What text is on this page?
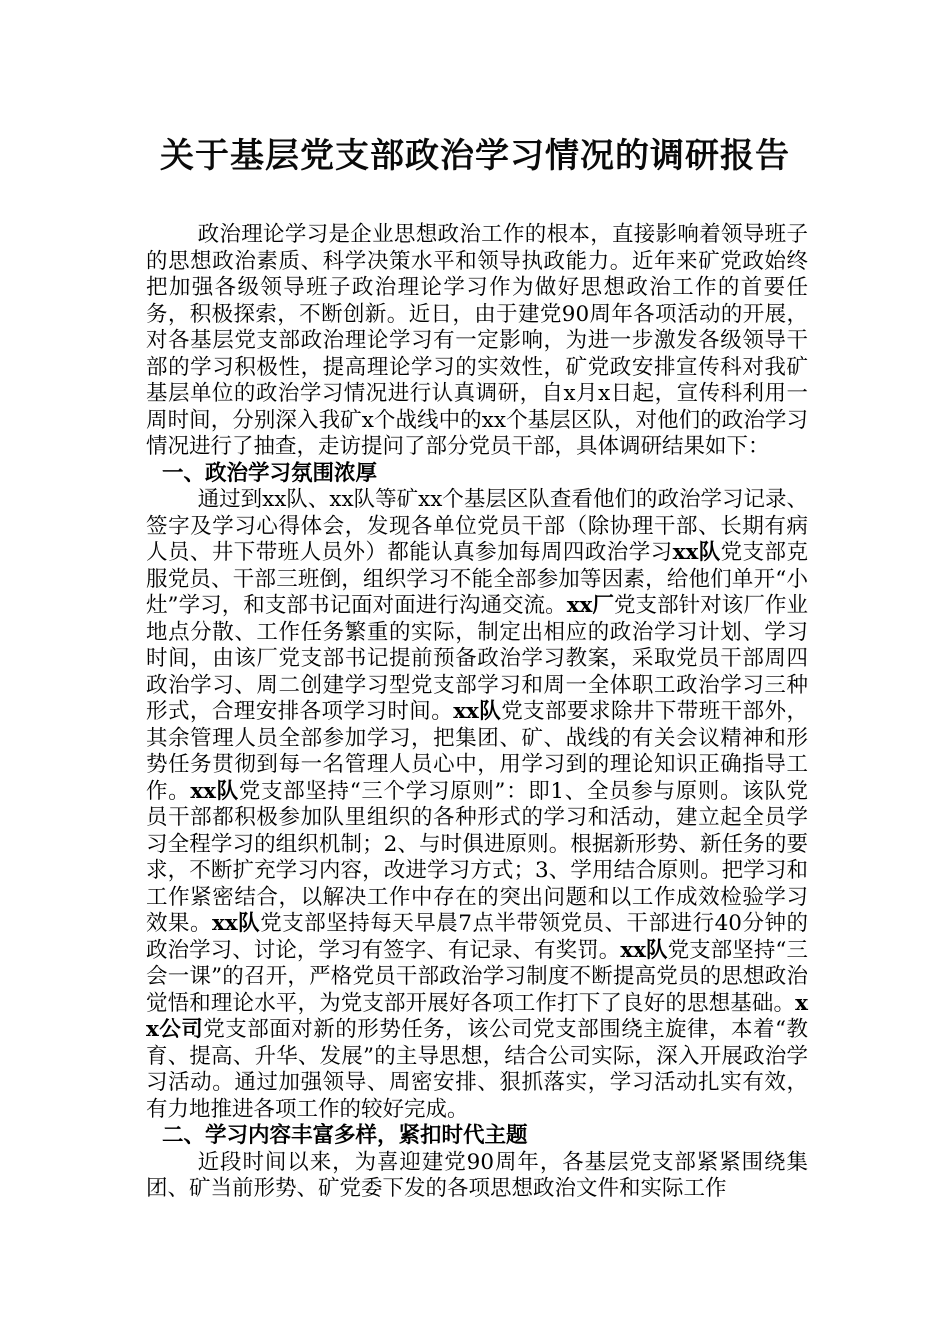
关于基层党支部政治学习情况的调研报告

政治理论学习是企业思想政治工作的根本，直接影响着领导班子的思想政治素质、科学决策水平和领导执政能力。近年来矿党政始终把加强各级领导班子政治理论学习作为做好思想政治工作的首要任务，积极探索，不断创新。近日，由于建党90周年各项活动的开展，对各基层党支部政治理论学习有一定影响，为进一步激发各级领导干部的学习积极性，提高理论学习的实效性，矿党政安排宣传科对我矿基层单位的政治学习情况进行认真调研，自x月x日起，宣传科利用一周时间，分别深入我矿x个战线中的xx个基层区队，对他们的政治学习情况进行了抽查，走访提问了部分党员干部，具体调研结果如下：

一、政治学习氛围浓厚

通过到xx队、xx队等矿xx个基层区队查看他们的政治学习记录、签字及学习心得体会，发现各单位党员干部（除协理干部、长期有病人员、井下带班人员外）都能认真参加每周四政治学习xx队党支部克服党员、干部三班倒，组织学习不能全部参加等因素，给他们单开“小灶”学习，和支部书记面对面进行沟通交流。xx厂党支部针对该厂作业地点分散、工作任务繁重的实际，制定出相应的政治学习计划、学习时间，由该厂党支部书记提前预备政治学习教案，采取党员干部周四政治学习、周二创建学习型党支部学习和周一全体职工政治学习三种形式，合理安排各项学习时间。xx队党支部要求除井下带班干部外，其余管理人员全部参加学习，把集团、矿、战线的有关会议精神和形势任务贯彻到每一名管理人员心中，用学习到的理论知识正确指导工作。xx队党支部坚持“三个学习原则”：即1、全员参与原则。该队党员干部都积极参加队里组织的各种形式的学习和活动，建立起全员学习全程学习的组织机制；2、与时俱进原则。根据新形势、新任务的要求，不断扩充学习内容，改进学习方式；3、学用结合原则。把学习和工作紧密结合，以解决工作中存在的突出问题和以工作成效检验学习效果。xx队党支部坚持每天早晨7点半带领党员、干部进行40分钟的政治学习、讨论，学习有签字、有记录、有奖罚。xx队党支部坚持“三会一课”的召开，严格党员干部政治学习制度不断提高党员的思想政治觉悟和理论水平，为党支部开展好各项工作打下了良好的思想基础。xx公司党支部面对新的形势任务，该公司党支部围绕主旋律，本着“教育、提高、升华、发展”的主导思想，结合公司实际，深入开展政治学习活动。通过加强领导、周密安排、狠抓落实，学习活动扎实有效，有力地推进各项工作的较好完成。

二、学习内容丰富多样，紧扣时代主题

近段时间以来，为喜迎建党90周年，各基层党支部紧紧围绕集团、矿当前形势、矿党委下发的各项思想政治文件和实际工作
